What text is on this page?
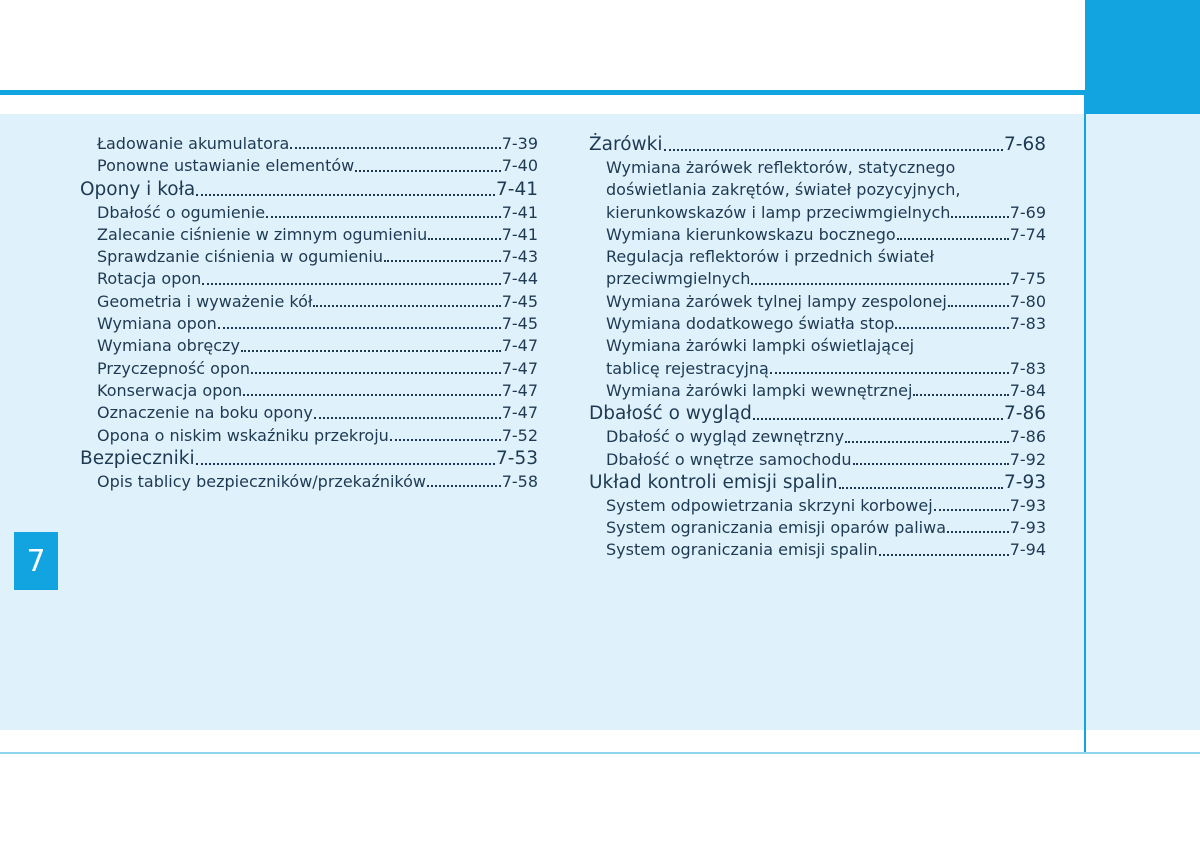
7
Ładowanie akumulatora	7-39
Ponowne ustawianie elementów	7-40
Opony i koła	7-41
Dbałość o ogumienie	7-41
Zalecanie ciśnienie w zimnym ogumieniu	7-41
Sprawdzanie ciśnienia w ogumieniu	7-43
Rotacja opon	7-44
Geometria i wyważenie kół	7-45
Wymiana opon	7-45
Wymiana obręczy	7-47
Przyczepność opon	7-47
Konserwacja opon	7-47
Oznaczenie na boku opony	7-47
Opona o niskim wskaźniku przekroju	7-52
Bezpieczniki	7-53
Opis tablicy bezpieczników/przekaźników	7-58
Żarówki	7-68
Wymiana żarówek reflektorów, statycznego
doświetlania zakrętów, świateł pozycyjnych,
kierunkowskazów i lamp przeciwmgielnych	7-69
Wymiana kierunkowskazu bocznego	7-74
Regulacja reflektorów i przednich świateł
przeciwmgielnych	7-75
Wymiana żarówek tylnej lampy zespolonej	7-80
Wymiana dodatkowego światła stop	7-83
Wymiana żarówki lampki oświetlającej
tablicę rejestracyjną	7-83
Wymiana żarówki lampki wewnętrznej	7-84
Dbałość o wygląd	7-86
Dbałość o wygląd zewnętrzny	7-86
Dbałość o wnętrze samochodu	7-92
Układ kontroli emisji spalin	7-93
System odpowietrzania skrzyni korbowej	7-93
System ograniczania emisji oparów paliwa	7-93
System ograniczania emisji spalin	7-94
